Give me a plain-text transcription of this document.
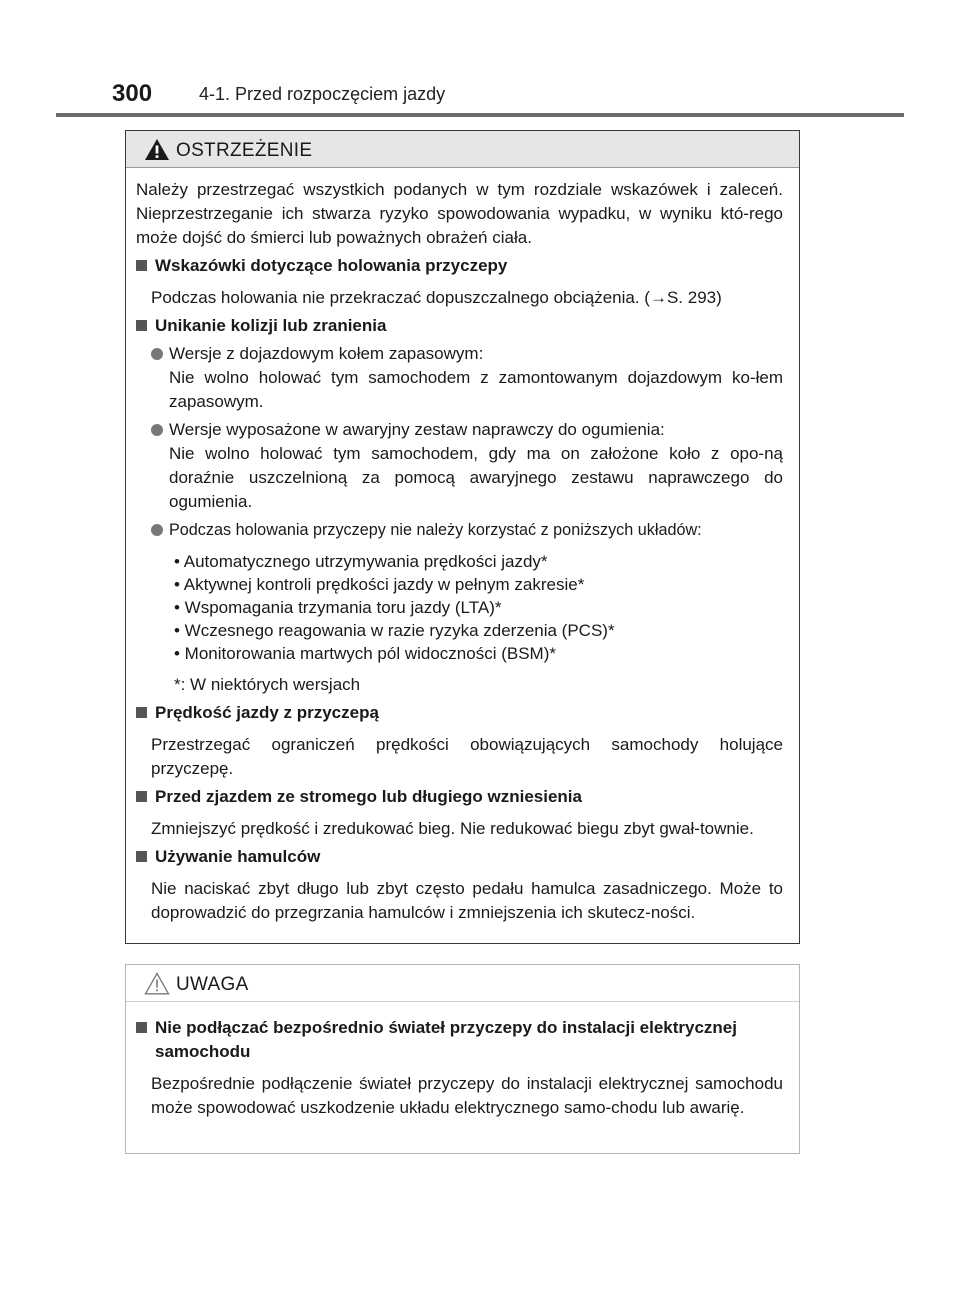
300	4-1. Przed rozpoczęciem jazdy
OSTRZEŻENIE

Należy przestrzegać wszystkich podanych w tym rozdziale wskazówek i zaleceń. Nieprzestrzeganie ich stwarza ryzyko spowodowania wypadku, w wyniku któ-rego może dojść do śmierci lub poważnych obrażeń ciała.

Wskazówki dotyczące holowania przyczepy

Podczas holowania nie przekraczać dopuszczalnego obciążenia. (→S. 293)

Unikanie kolizji lub zranienia
Wersje z dojazdowym kołem zapasowym:
Nie wolno holować tym samochodem z zamontowanym dojazdowym ko-łem zapasowym.
Wersje wyposażone w awaryjny zestaw naprawczy do ogumienia:
Nie wolno holować tym samochodem, gdy ma on założone koło z opo-ną doraźnie uszczelnioną za pomocą awaryjnego zestawu naprawczego do ogumienia.
Podczas holowania przyczepy nie należy korzystać z poniższych układów:
• Automatycznego utrzymywania prędkości jazdy*
• Aktywnej kontroli prędkości jazdy w pełnym zakresie*
• Wspomagania trzymania toru jazdy (LTA)*
• Wczesnego reagowania w razie ryzyka zderzenia (PCS)*
• Monitorowania martwych pól widoczności (BSM)*
*: W niektórych wersjach
Prędkość jazdy z przyczepą

Przestrzegać ograniczeń prędkości obowiązujących samochody holujące przyczepę.

Przed zjazdem ze stromego lub długiego wzniesienia

Zmniejszyć prędkość i zredukować bieg. Nie redukować biegu zbyt gwał-townie.

Używanie hamulców

Nie naciskać zbyt długo lub zbyt często pedału hamulca zasadniczego. Może to doprowadzić do przegrzania hamulców i zmniejszenia ich skutecz-ności.

UWAGA
Nie podłączać bezpośrednio świateł przyczepy do instalacji elektrycznej samochodu

Bezpośrednie podłączenie świateł przyczepy do instalacji elektrycznej samochodu może spowodować uszkodzenie układu elektrycznego samo-chodu lub awarię.
